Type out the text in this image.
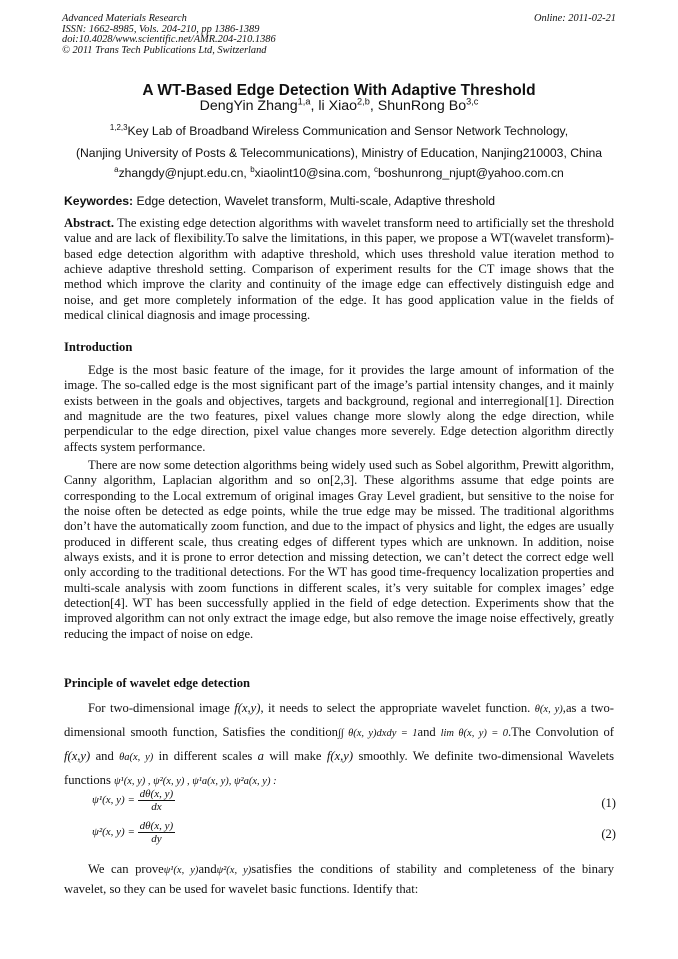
Advanced Materials Research
ISSN: 1662-8985, Vols. 204-210, pp 1386-1389
doi:10.4028/www.scientific.net/AMR.204-210.1386
© 2011 Trans Tech Publications Ltd, Switzerland
Online: 2011-02-21
A WT-Based Edge Detection With Adaptive Threshold
DengYin Zhang$^{1,a}$, li Xiao$^{2,b}$, ShunRong Bo$^{3,c}$
$^{1,2,3}$Key Lab of Broadband Wireless Communication and Sensor Network Technology,
(Nanjing University of Posts & Telecommunications), Ministry of Education, Nanjing210003, China
$^a$zhangdy@njupt.edu.cn, $^b$xiaolint10@sina.com, $^c$boshunrong_njupt@yahoo.com.cn
Keywordes: Edge detection, Wavelet transform, Multi-scale, Adaptive threshold
Abstract. The existing edge detection algorithms with wavelet transform need to artificially set the threshold value and are lack of flexibility.To salve the limitations, in this paper, we propose a WT(wavelet transform)-based edge detection algorithm with adaptive threshold, which uses threshold value iteration method to achieve adaptive threshold setting. Comparison of experiment results for the CT image shows that the method which improve the clarity and continuity of the image edge can effectively distinguish edge and noise, and get more completely information of the edge. It has good application value in the fields of medical clinical diagnosis and image processing.
Introduction
Edge is the most basic feature of the image, for it provides the large amount of information of the image. The so-called edge is the most significant part of the image’s partial intensity changes, and it mainly exists between in the goals and objectives, targets and background, regional and interregional[1]. Direction and magnitude are the two features, pixel values change more slowly along the edge direction, while perpendicular to the edge direction, pixel value changes more severely. Edge detection algorithm directly affects system performance.
There are now some detection algorithms being widely used such as Sobel algorithm, Prewitt algorithm, Canny algorithm, Laplacian algorithm and so on[2,3]. These algorithms assume that edge points are corresponding to the Local extremum of original images Gray Level gradient, but sensitive to the noise for the noise often be detected as edge points, while the true edge may be missed. The traditional algorithms don’t have the automatically zoom function, and due to the impact of physics and light, the edges are usually produced in different scale, thus creating edges of different types which are unknown. In addition, noise always exists, and it is prone to error detection and missing detection, we can’t detect the correct edge well only according to the traditional detections. For the WT has good time-frequency localization properties and multi-scale analysis with zoom functions in different scales, it’s very suitable for complex images’ edge detection[4]. WT has been successfully applied in the field of edge detection. Experiments show that the improved algorithm can not only extract the image edge, but also remove the image noise effectively, greatly reducing the impact of noise on edge.
Principle of wavelet edge detection
For two-dimensional image f(x,y), it needs to select the appropriate wavelet function. θ(x, y),as a two-dimensional smooth function, Satisfies the condition∫∫ θ(x, y)dxdy = 1and lim θ(x, y) = 0.The Convolution of f(x,y) and θa(x, y) in different scales a will make f(x,y) smoothly. We definite two-dimensional Wavelets functions ψ¹(x, y) , ψ²(x, y) , ψ¹a(x, y), ψ²a(x, y) :
ψ¹(x, $y) = \frac{d\theta(x, y)}{dx}$	(1)
ψ²(x, $y) = \frac{d\theta(x, y)}{dy}$	(2)
We can proveψ¹(x, y)andψ²(x, y)satisfies the conditions of stability and completeness of the binary wavelet, so they can be used for wavelet basic functions. Identify that:
